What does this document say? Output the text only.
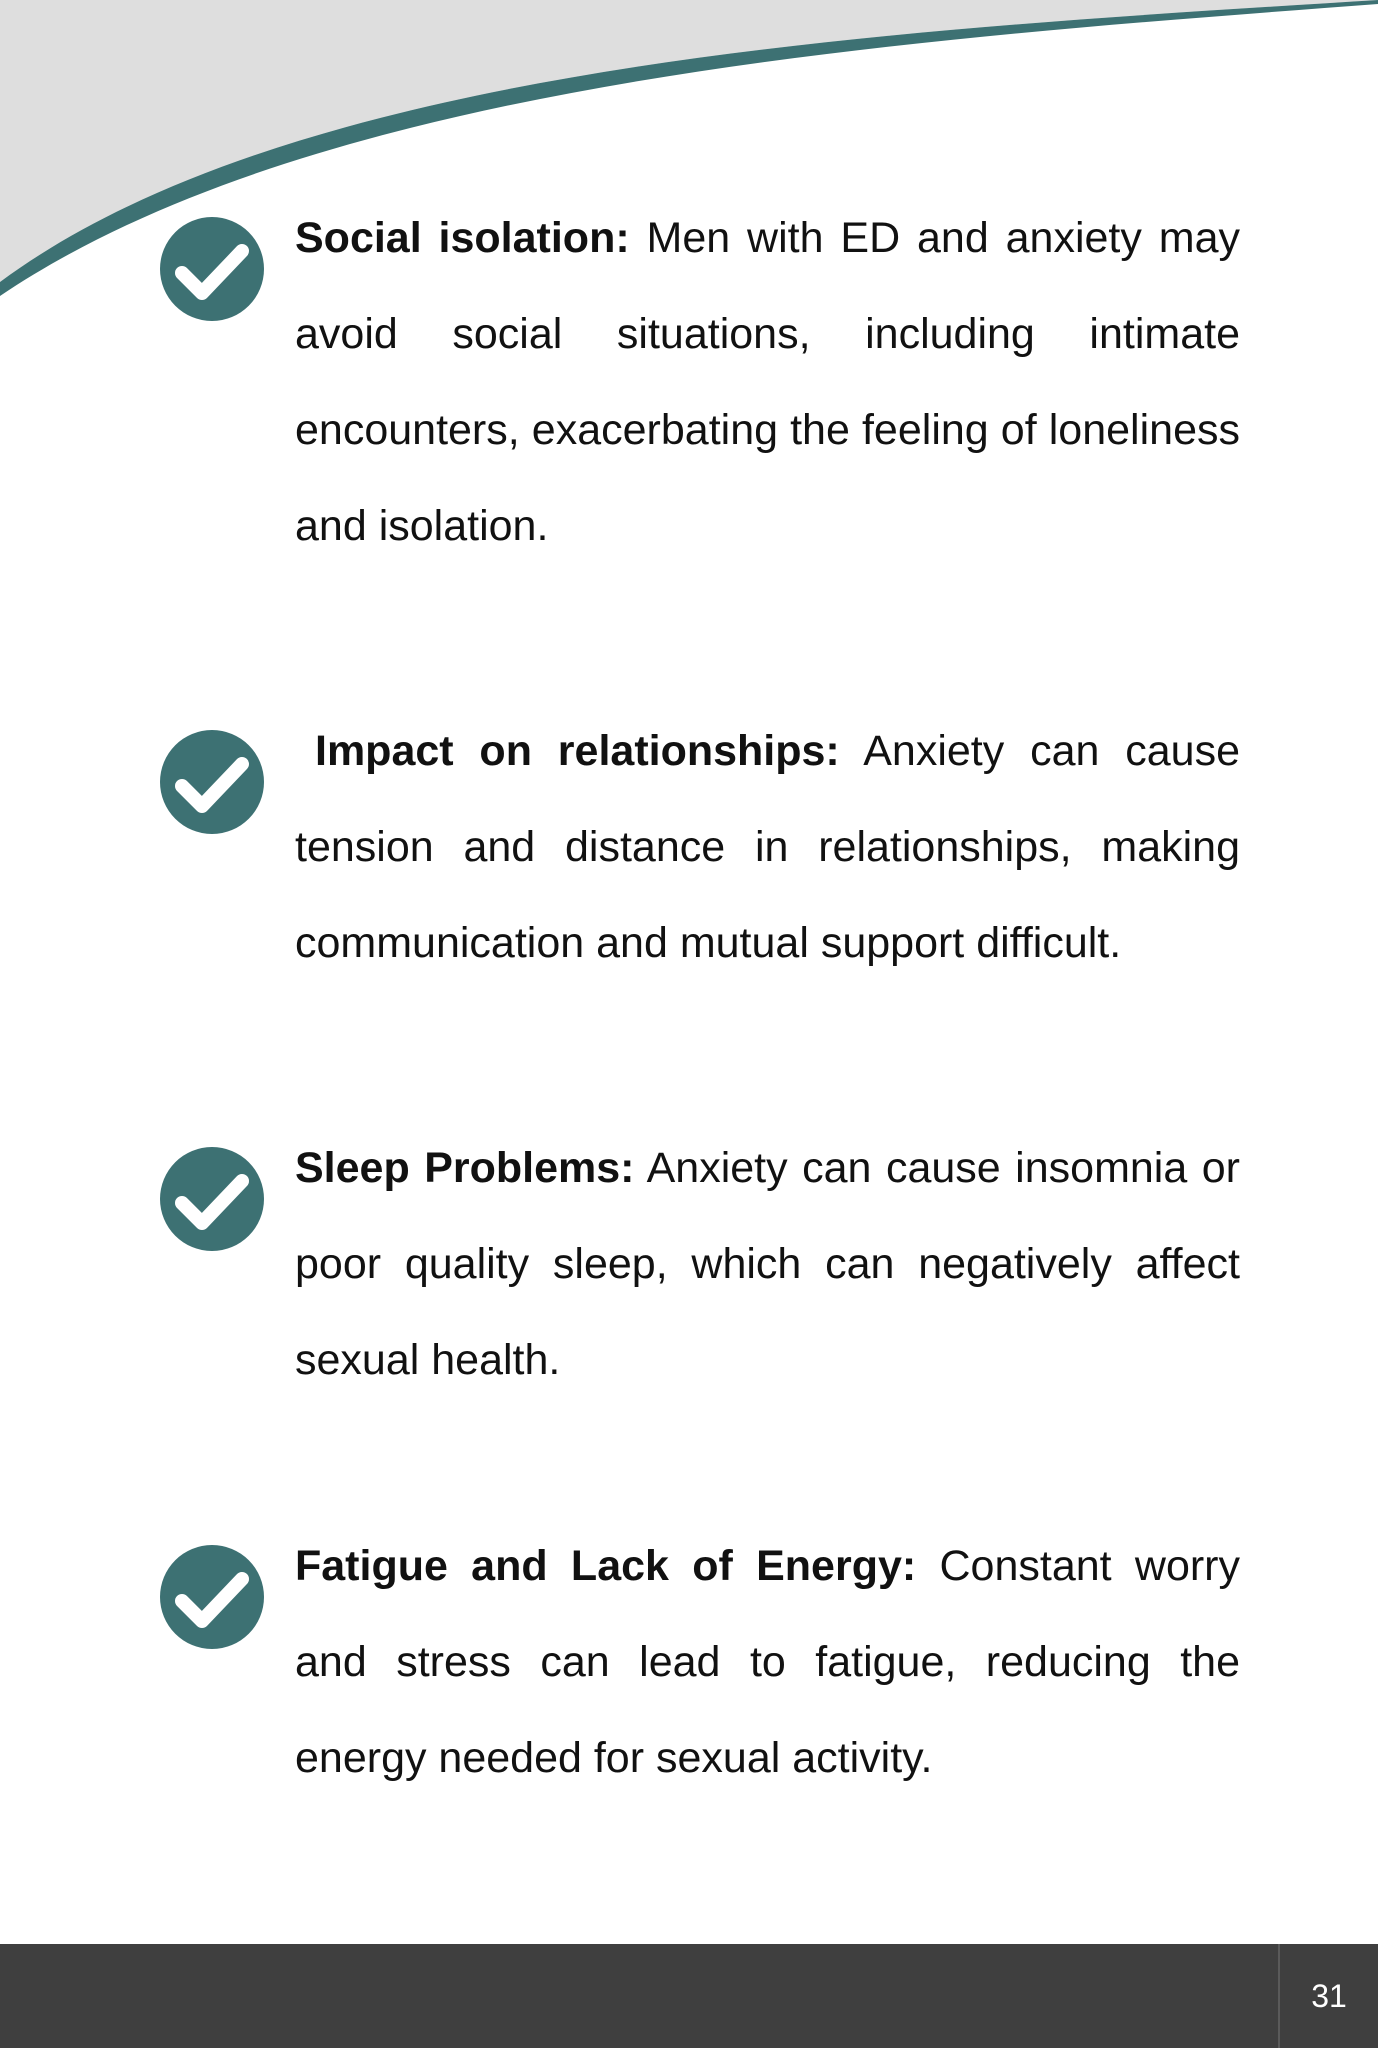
Social isolation: Men with ED and anxiety may avoid social situations, including intimate encounters, exacerbating the feeling of loneliness and isolation.

Impact on relationships: Anxiety can cause tension and distance in relationships, making communication and mutual support difficult.

Sleep Problems: Anxiety can cause insomnia or poor quality sleep, which can negatively affect sexual health.

Fatigue and Lack of Energy: Constant worry and stress can lead to fatigue, reducing the energy needed for sexual activity.

31
